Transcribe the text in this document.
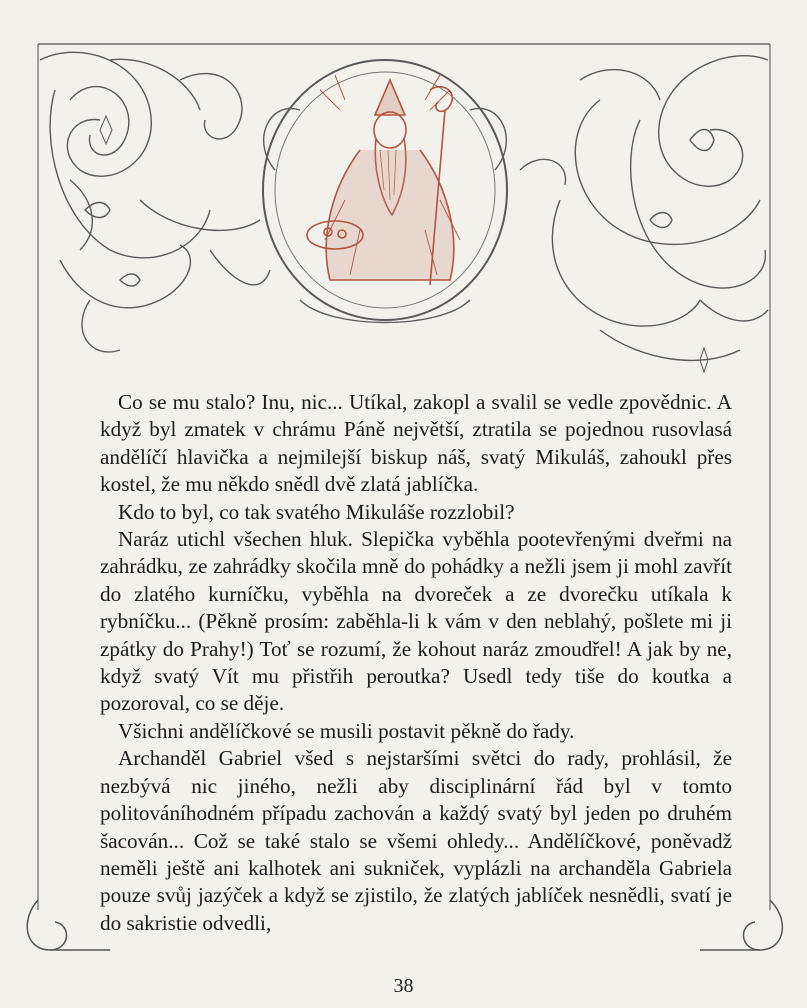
Co se mu stalo? Inu, nic... Utíkal, zakopl a svalil se vedle zpovědnic. A když byl zmatek v chrámu Páně největší, ztratila se pojednou rusovlasá andělíčí hlavička a nejmilejší biskup náš, svatý Mikuláš, zahoukl přes kostel, že mu někdo snědl dvě zlatá jablíčka.

Kdo to byl, co tak svatého Mikuláše rozzlobil?

Naráz utichl všechen hluk. Slepička vyběhla pootevřenými dveřmi na zahrádku, ze zahrádky skočila mně do pohádky a nežli jsem ji mohl zavřít do zlatého kurníčku, vyběhla na dvoreček a ze dvorečku utíkala k rybníčku... (Pěkně prosím: zaběhla-li k vám v den neblahý, pošlete mi ji zpátky do Prahy!) Toť se rozumí, že kohout naráz zmoudřel! A jak by ne, když svatý Vít mu přistřih peroutka? Usedl tedy tiše do koutka a pozoroval, co se děje.

Všichni andělíčkové se musili postavit pěkně do řady.

Archanděl Gabriel všed s nejstaršími světci do rady, prohlásil, že nezbývá nic jiného, nežli aby disciplinární řád byl v tomto politováníhodném případu zachován a každý svatý byl jeden po druhém šacován... Což se také stalo se všemi ohledy... Andělíčkové, poněvadž neměli ještě ani kalhotek ani sukniček, vyplázli na archanděla Gabriela pouze svůj jazýček a když se zjistilo, že zlatých jablíček nesnědli, svatí je do sakristie odvedli,

38
